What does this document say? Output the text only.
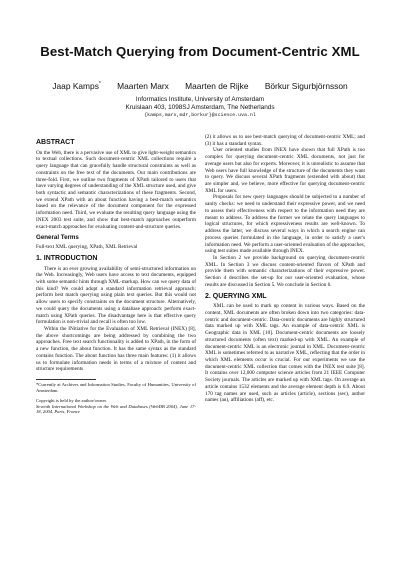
Best-Match Querying from Document-Centric XML
Jaap Kamps* Maarten Marx Maarten de Rijke Börkur Sigurbjörnsson
Informatics Institute, University of Amsterdam
Kruislaan 403, 1098SJ Amsterdam, The Netherlands
{kamps,marx,mdr,borkur}@science.uva.nl
ABSTRACT

On the Web, there is a pervasive use of XML to give light-weight semantics to textual collections. Such document-centric XML collections require a query language that can gracefully handle structural constraints as well as constraints on the free text of the documents. Our main contributions are three-fold. First, we outline two fragments of XPath tailored to users that have varying degrees of understanding of the XML structure used, and give both syntactic and semantic characterizations of these fragments. Second, we extend XPath with an about function having a best-match semantics based on the relevance of the document component for the expressed information need. Third, we evaluate the resulting query language using the INEX 2003 test suite, and show that best-match approaches outperform exact-match approaches for evaluating content-and-structure queries.

General Terms

Full-text XML querying, XPath, XML Retrieval

1. INTRODUCTION

There is an ever growing availability of semi-structured information on the Web. Increasingly, Web users have access to text documents, equipped with some semantic hints through XML-markup. How can we query data of this kind? We could adopt a standard information retrieval approach: perform best match querying using plain text queries. But this would not allow users to specify constraints on the document structure. Alternatively, we could query the documents using a database approach: perform exact-match using XPath queries. The disadvantage here is that effective query formulation is non-trivial and recall is often too low.

Within the INitiative for the Evaluation of XML Retrieval (INEX) [8], the above shortcomings are being addressed by combining the two approaches. Free text search functionality is added to XPath, in the form of a new function, the about function. It has the same syntax as the standard contains function. The about function has three main features: (1) it allows us to formulate information needs in terms of a mixture of content and structure requirements

*Currently at Archives and Information Studies, Faculty of Humanities, University of Amsterdam.
Copyright is held by the author/owner.
Seventh International Workshop on the Web and Databases (WebDB 2004), June 17-18, 2004, Paris, France

(2) it allows us to use best-match querying of document-centric XML; and (3) it has a standard syntax.

User oriented studies from INEX have shown that full XPath is too complex for querying document-centric XML documents, not just for average users but also for experts. Moreover, it is unrealistic to assume that Web users have full knowledge of the structure of the documents they want to query. We discuss several XPath fragments (extended with about) that are simpler and, we believe, more effective for querying document-centric XML for users.

Proposals for new query languages should be subjected to a number of sanity checks: we need to understand their expressive power, and we need to assess their effectiveness with respect to the information need they are meant to address. To address the former we relate the query languages to logical structures, for which expressiveness results are well-known. To address the latter, we discuss several ways in which a search engine can process queries formulated in the language, in order to satisfy a user's information need. We perform a user-oriented evaluation of the approaches, using test suites made available through INEX.

In Section 2 we provide background on querying document-centric XML. In Section 3 we discuss content-oriented flavors of XPath and provide them with semantic characterizations of their expressive power. Section 4 describes the set-up for our user-oriented evaluation, whose results are discussed in Section 5. We conclude in Section 6.

2. QUERYING XML

XML can be used to mark up content in various ways. Based on the content, XML documents are often broken down into two categories: data-centric and document-centric. Data-centric documents are highly structured data marked up with XML tags. An example of data-centric XML is Geographic data in XML [10]. Document-centric documents are loosely structured documents (often text) marked-up with XML. An example of document-centric XML is an electronic journal in XML. Document-centric XML is sometimes referred to as narrative XML, reflecting that the order in which XML elements occur is crucial. For our experiments we use the document-centric XML collection that comes with the INEX test suite [8]. It contains over 12,000 computer science articles from 21 IEEE Computer Society journals. The articles are marked up with XML tags. On average an article contains 1532 elements and the average element depth is 6.9. About 170 tag names are used, such as articles (article), sections (sec), author names (au), affiliations (aff), etc.
